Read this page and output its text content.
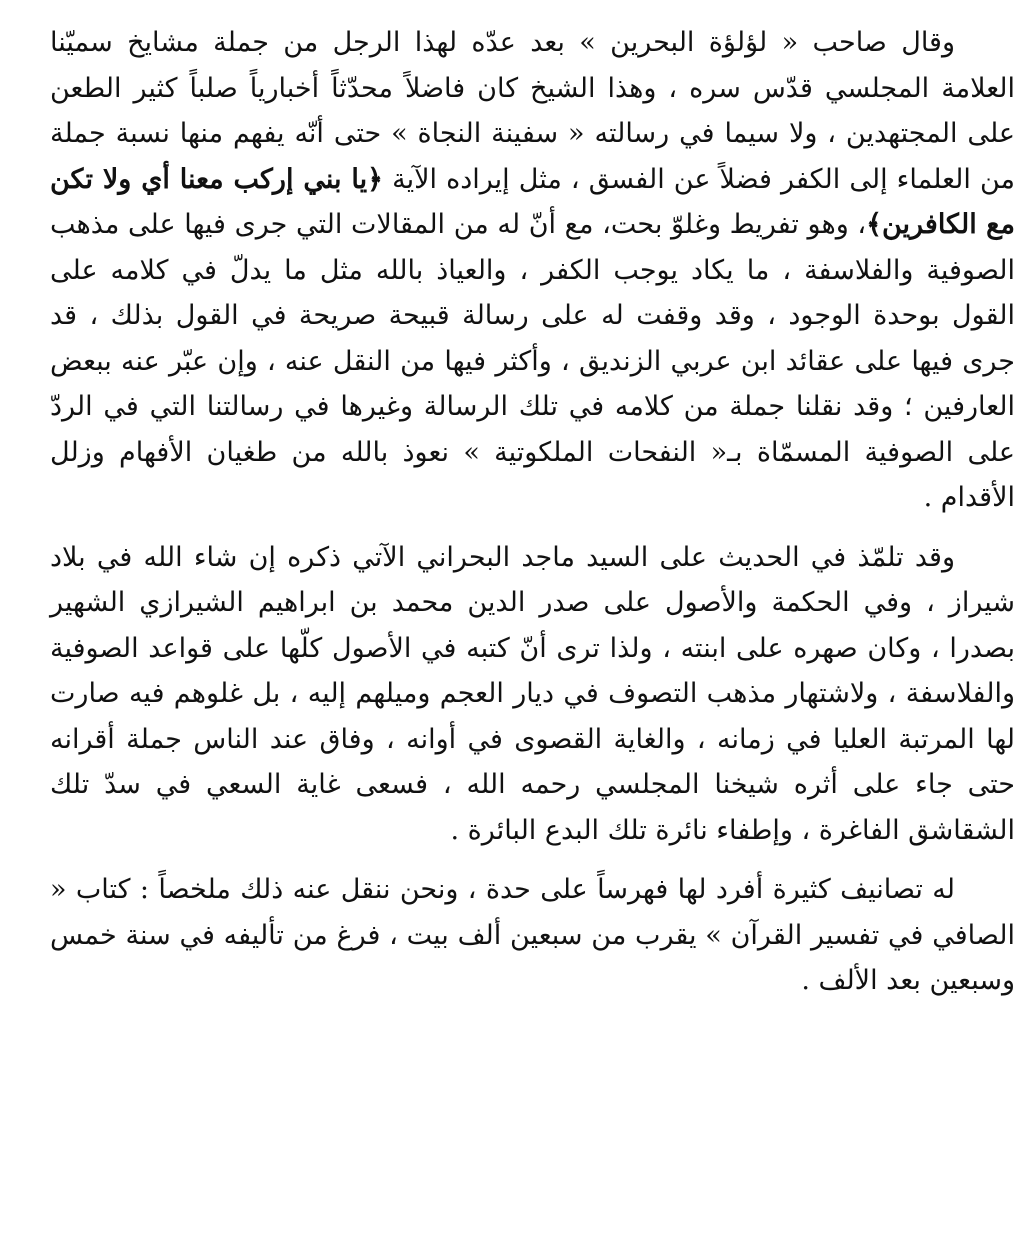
وقال صاحب « لؤلؤة البحرين » بعد عدّه لهذا الرجل من جملة مشايخ سميّنا العلامة المجلسي قدّس سره ، وهذا الشيخ كان فاضلاً محدّثاً أخبارياً صلباً كثير الطعن على المجتهدين ، ولا سيما في رسالته « سفينة النجاة » حتى أنّه يفهم منها نسبة جملة من العلماء إلى الكفر فضلاً عن الفسق ، مثل إيراده الآية ﴿يا بني إركب معنا أي ولا تكن مع الكافرين﴾، وهو تفريط وغلوّ بحت، مع أنّ له من المقالات التي جرى فيها على مذهب الصوفية والفلاسفة ، ما يكاد يوجب الكفر ، والعياذ بالله مثل ما يدلّ في كلامه على القول بوحدة الوجود ، وقد وقفت له على رسالة قبيحة صريحة في القول بذلك ، قد جرى فيها على عقائد ابن عربي الزنديق ، وأكثر فيها من النقل عنه ، وإن عبّر عنه ببعض العارفين ؛ وقد نقلنا جملة من كلامه في تلك الرسالة وغيرها في رسالتنا التي في الردّ على الصوفية المسمّاة بـ« النفحات الملكوتية » نعوذ بالله من طغيان الأفهام وزلل الأقدام .

وقد تلمّذ في الحديث على السيد ماجد البحراني الآتي ذكره إن شاء الله في بلاد شيراز ، وفي الحكمة والأصول على صدر الدين محمد بن ابراهيم الشيرازي الشهير بصدرا ، وكان صهره على ابنته ، ولذا ترى أنّ كتبه في الأصول كلّها على قواعد الصوفية والفلاسفة ، ولاشتهار مذهب التصوف في ديار العجم وميلهم إليه ، بل غلوهم فيه صارت لها المرتبة العليا في زمانه ، والغاية القصوى في أوانه ، وفاق عند الناس جملة أقرانه حتى جاء على أثره شيخنا المجلسي رحمه الله ، فسعى غاية السعي في سدّ تلك الشقاشق الفاغرة ، وإطفاء نائرة تلك البدع البائرة .

له تصانيف كثيرة أفرد لها فهرساً على حدة ، ونحن ننقل عنه ذلك ملخصاً : كتاب « الصافي في تفسير القرآن » يقرب من سبعين ألف بيت ، فرغ من تأليفه في سنة خمس وسبعين بعد الألف .
